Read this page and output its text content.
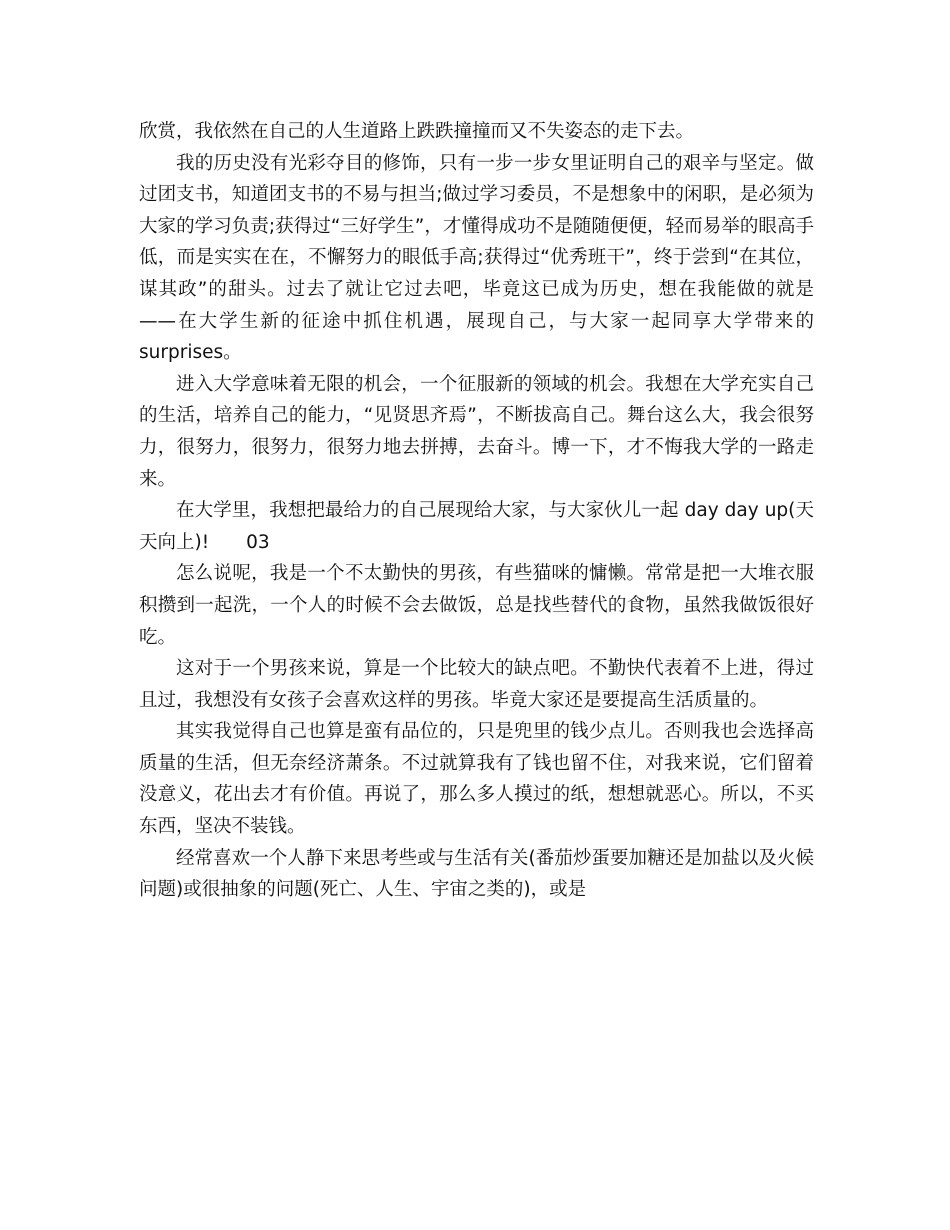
欣赏，我依然在自己的人生道路上跌跌撞撞而又不失姿态的走下去。

我的历史没有光彩夺目的修饰，只有一步一步女里证明自己的艰辛与坚定。做过团支书，知道团支书的不易与担当;做过学习委员，不是想象中的闲职，是必须为大家的学习负责;获得过“三好学生”，才懂得成功不是随随便便，轻而易举的眼高手低，而是实实在在，不懈努力的眼低手高;获得过“优秀班干”，终于尝到“在其位，谋其政”的甜头。过去了就让它过去吧，毕竟这已成为历史，想在我能做的就是——在大学生新的征途中抓住机遇，展现自己，与大家一起同享大学带来的surprises。

进入大学意味着无限的机会，一个征服新的领域的机会。我想在大学充实自己的生活，培养自己的能力，“见贤思齐焉”，不断拔高自己。舞台这么大，我会很努力，很努力，很努力，很努力地去拼搏，去奋斗。博一下，才不悔我大学的一路走来。

在大学里，我想把最给力的自己展现给大家，与大家伙儿一起 day day up(天天向上)!　　03

怎么说呢，我是一个不太勤快的男孩，有些猫咪的慵懒。常常是把一大堆衣服积攒到一起洗，一个人的时候不会去做饭，总是找些替代的食物，虽然我做饭很好吃。

这对于一个男孩来说，算是一个比较大的缺点吧。不勤快代表着不上进，得过且过，我想没有女孩子会喜欢这样的男孩。毕竟大家还是要提高生活质量的。

其实我觉得自己也算是蛮有品位的，只是兜里的钱少点儿。否则我也会选择高质量的生活，但无奈经济萧条。不过就算我有了钱也留不住，对我来说，它们留着没意义，花出去才有价值。再说了，那么多人摸过的纸，想想就恶心。所以，不买东西，坚决不装钱。

经常喜欢一个人静下来思考些或与生活有关(番茄炒蛋要加糖还是加盐以及火候问题)或很抽象的问题(死亡、人生、宇宙之类的)，或是
